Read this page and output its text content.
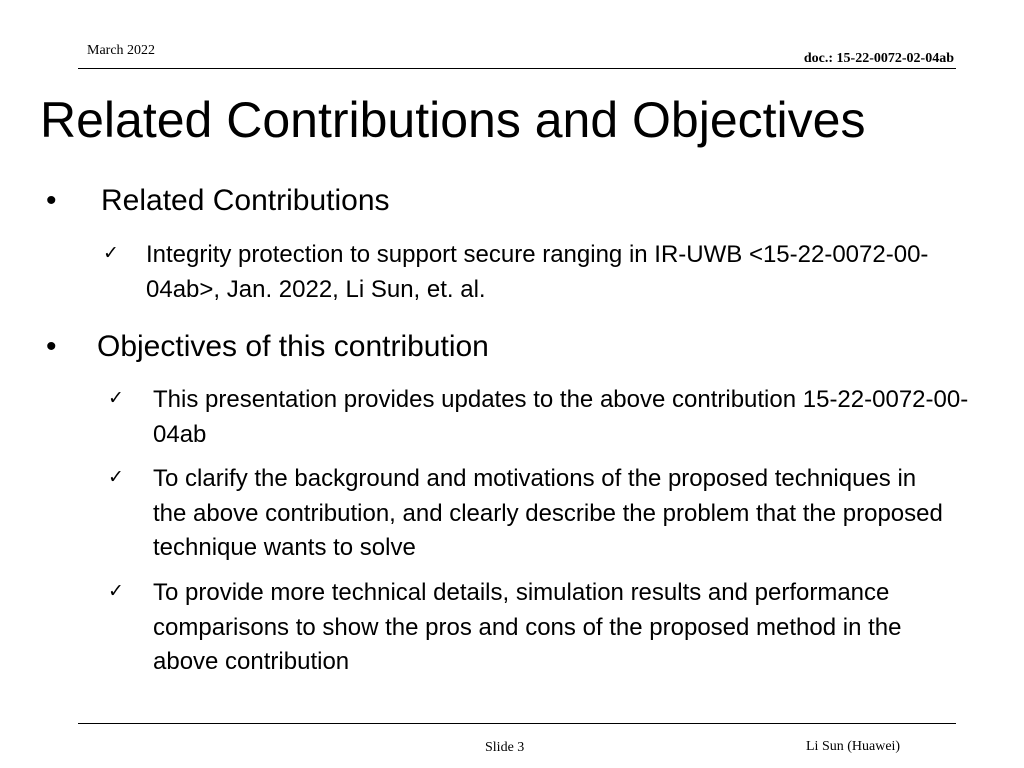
March 2022
doc.: 15-22-0072-02-04ab
Related Contributions and Objectives
• Related Contributions
✓ Integrity protection to support secure ranging in IR-UWB <15-22-0072-00-04ab>, Jan. 2022, Li Sun, et. al.
• Objectives of this contribution
✓ This presentation provides updates to the above contribution 15-22-0072-00-04ab
✓ To clarify the background and motivations of the proposed techniques in the above contribution, and clearly describe the problem that the proposed technique wants to solve
✓ To provide more technical details, simulation results and performance comparisons to show the pros and cons of the proposed method in the above contribution
Slide 3	Li Sun (Huawei)
